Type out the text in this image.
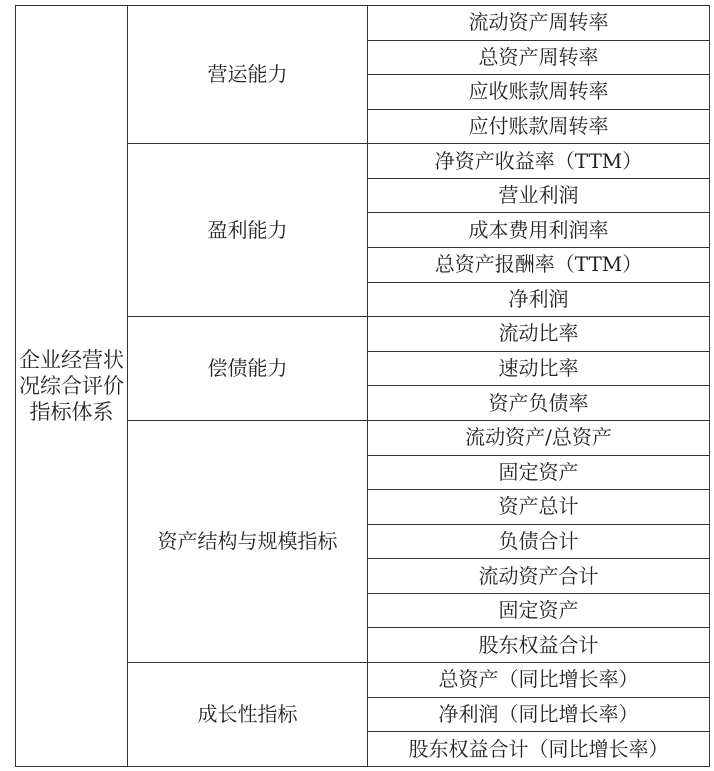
企业经营状
况综合评价
指标体系	营运能力	流动资产周转率
		总资产周转率
		应收账款周转率
		应付账款周转率
	盈利能力	净资产收益率（TTM）
		营业利润
		成本费用利润率
		总资产报酬率（TTM）
		净利润
	偿债能力	流动比率
		速动比率
		资产负债率
	资产结构与规模指标	流动资产/总资产
		固定资产
		资产总计
		负债合计
		流动资产合计
		固定资产
		股东权益合计
	成长性指标	总资产（同比增长率）
		净利润（同比增长率）
		股东权益合计（同比增长率）
